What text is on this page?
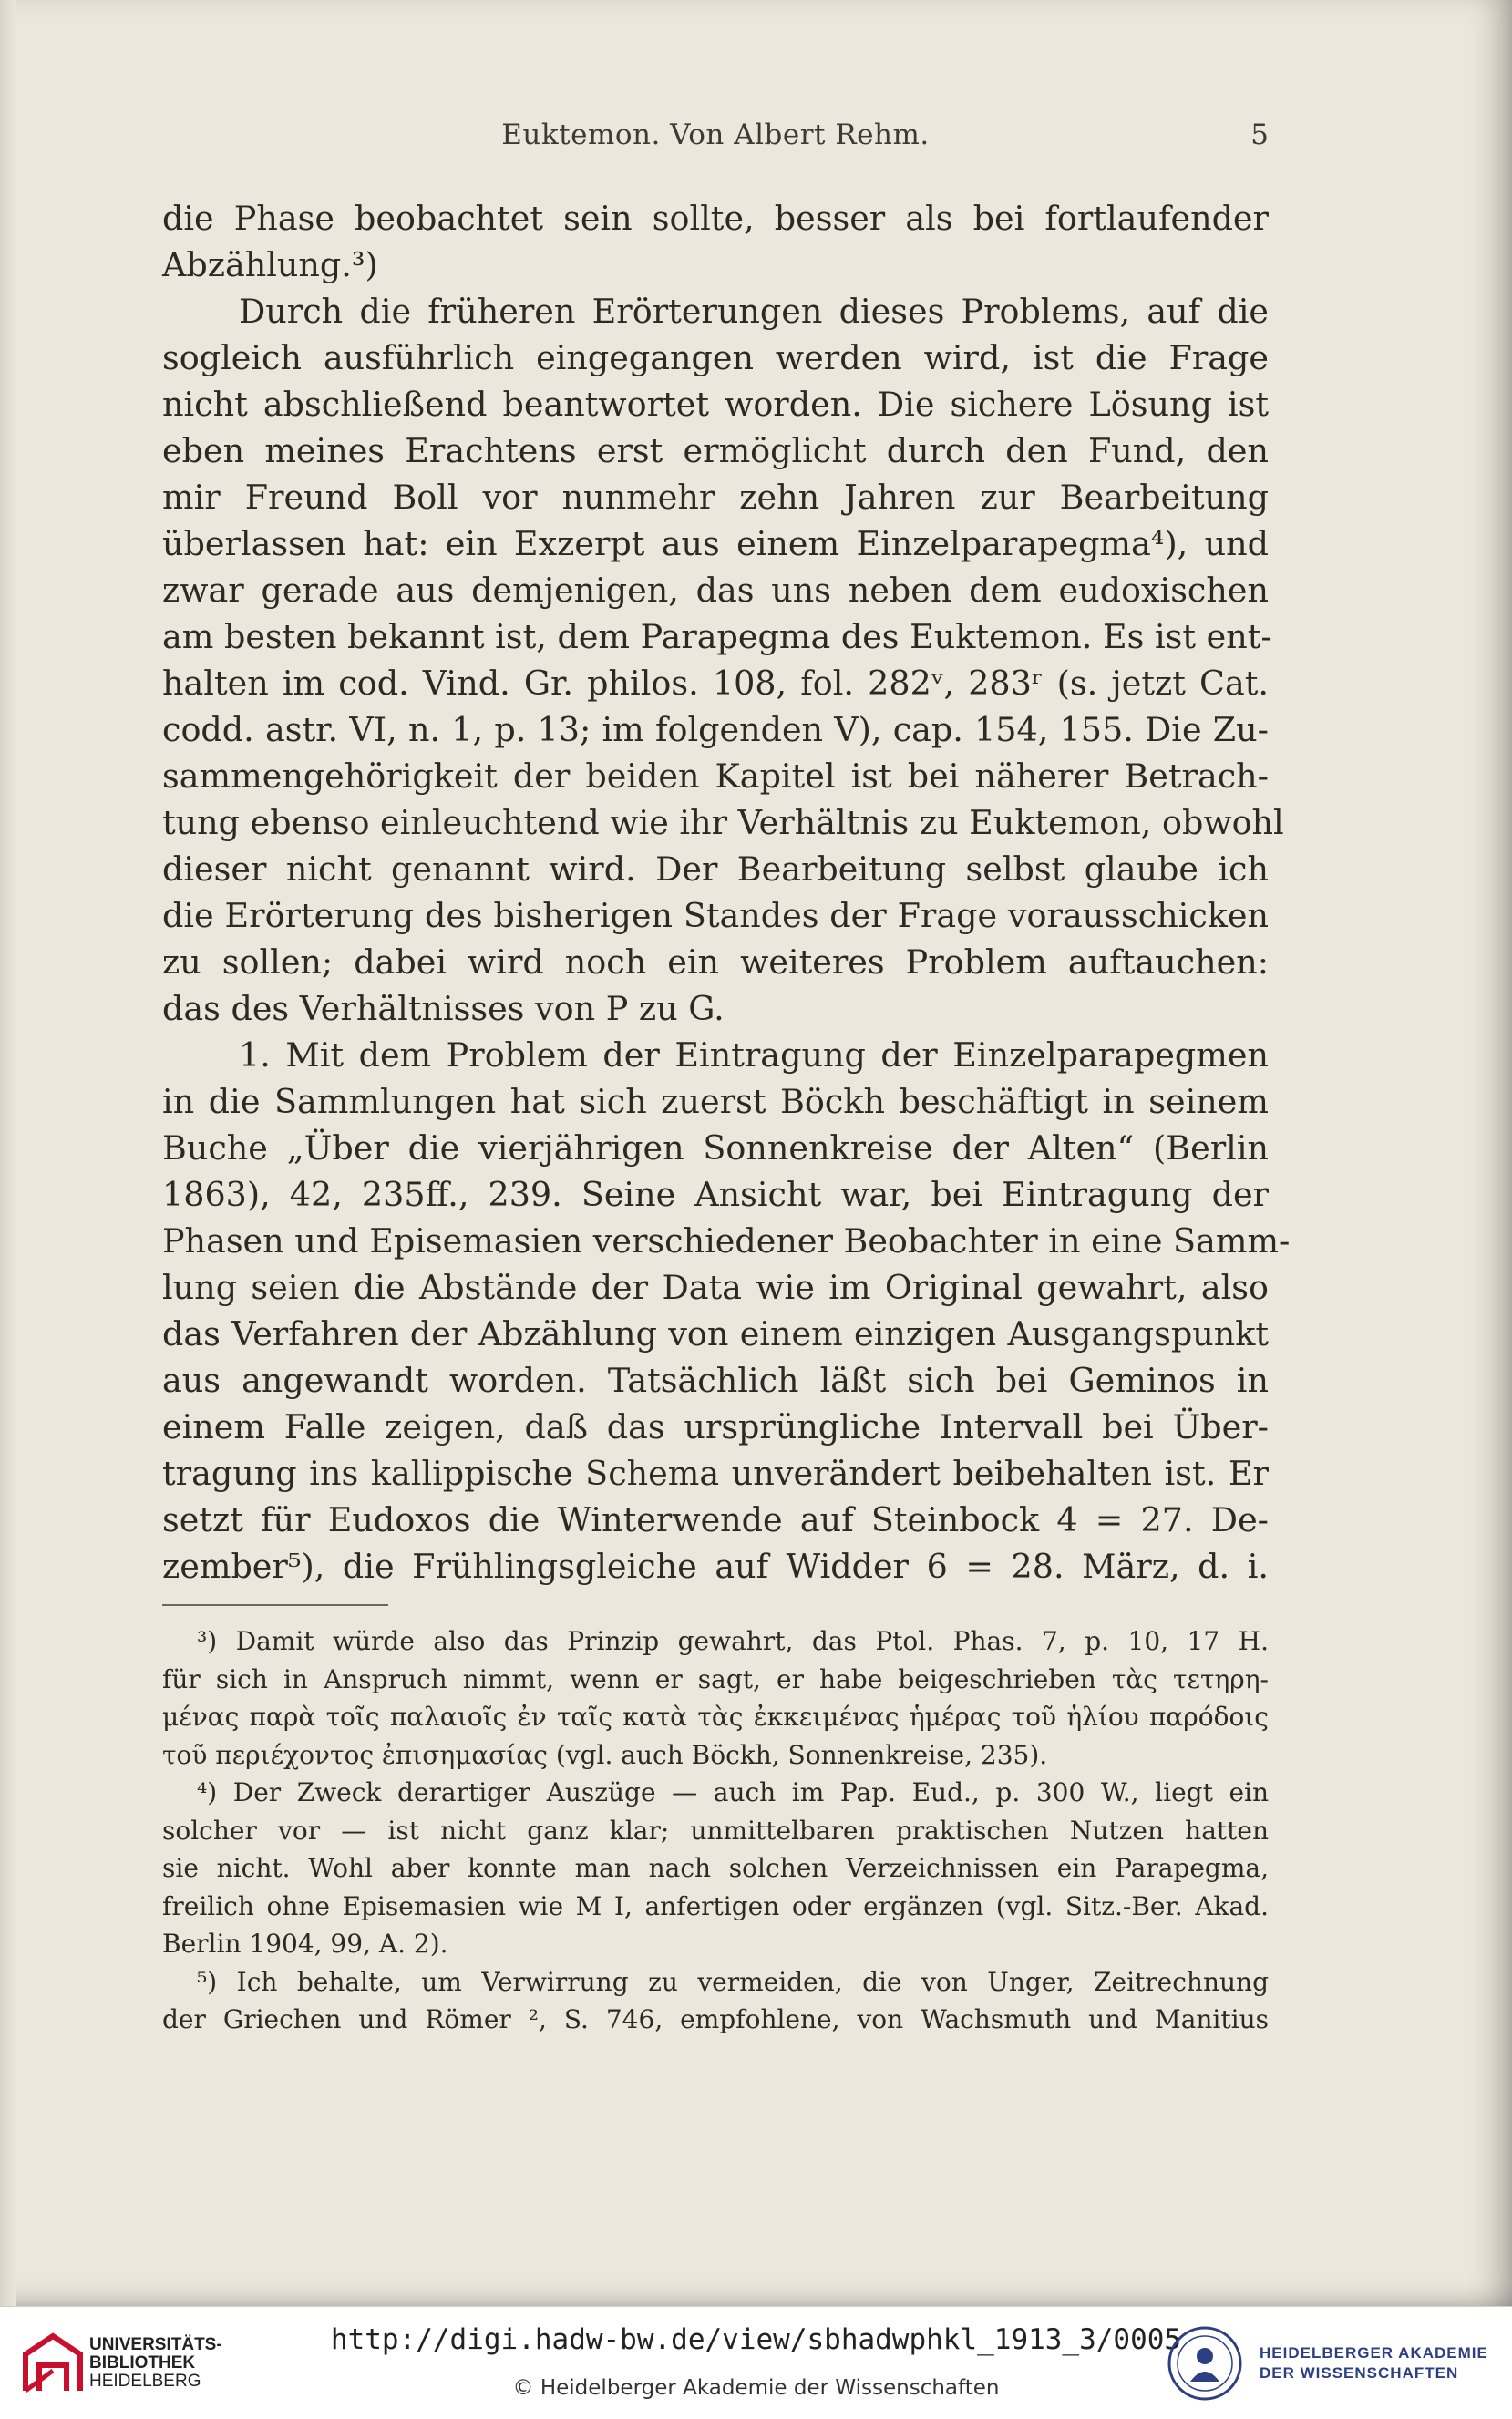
Euktemon. Von Albert Rehm.	5
die Phase beobachtet sein sollte, besser als bei fortlaufender
Abzählung.³)
Durch die früheren Erörterungen dieses Problems, auf die
sogleich ausführlich eingegangen werden wird, ist die Frage
nicht abschließend beantwortet worden. Die sichere Lösung ist
eben meines Erachtens erst ermöglicht durch den Fund, den
mir Freund Boll vor nunmehr zehn Jahren zur Bearbeitung
überlassen hat: ein Exzerpt aus einem Einzelparapegma⁴), und
zwar gerade aus demjenigen, das uns neben dem eudoxischen
am besten bekannt ist, dem Parapegma des Euktemon. Es ist ent-
halten im cod. Vind. Gr. philos. 108, fol. 282ᵛ, 283ʳ (s. jetzt Cat.
codd. astr. VI, n. 1, p. 13; im folgenden V), cap. 154, 155. Die Zu-
sammengehörigkeit der beiden Kapitel ist bei näherer Betrach-
tung ebenso einleuchtend wie ihr Verhältnis zu Euktemon, obwohl
dieser nicht genannt wird. Der Bearbeitung selbst glaube ich
die Erörterung des bisherigen Standes der Frage vorausschicken
zu sollen; dabei wird noch ein weiteres Problem auftauchen:
das des Verhältnisses von P zu G.
1. Mit dem Problem der Eintragung der Einzelparapegmen
in die Sammlungen hat sich zuerst Böckh beschäftigt in seinem
Buche „Über die vierjährigen Sonnenkreise der Alten“ (Berlin
1863), 42, 235ff., 239. Seine Ansicht war, bei Eintragung der
Phasen und Episemasien verschiedener Beobachter in eine Samm-
lung seien die Abstände der Data wie im Original gewahrt, also
das Verfahren der Abzählung von einem einzigen Ausgangspunkt
aus angewandt worden. Tatsächlich läßt sich bei Geminos in
einem Falle zeigen, daß das ursprüngliche Intervall bei Über-
tragung ins kallippische Schema unverändert beibehalten ist. Er
setzt für Eudoxos die Winterwende auf Steinbock 4 = 27. De-
zember⁵), die Frühlingsgleiche auf Widder 6 = 28. März, d. i.
³) Damit würde also das Prinzip gewahrt, das Ptol. Phas. 7, p. 10, 17 H.
für sich in Anspruch nimmt, wenn er sagt, er habe beigeschrieben τὰς τετηρη-
μένας παρὰ τοῖς παλαιοῖς ἐν ταῖς κατὰ τὰς ἐκκειμένας ἡμέρας τοῦ ἡλίου παρόδοις
τοῦ περιέχοντος ἐπισημασίας (vgl. auch Böckh, Sonnenkreise, 235).
⁴) Der Zweck derartiger Auszüge — auch im Pap. Eud., p. 300 W., liegt ein
solcher vor — ist nicht ganz klar; unmittelbaren praktischen Nutzen hatten
sie nicht. Wohl aber konnte man nach solchen Verzeichnissen ein Parapegma,
freilich ohne Episemasien wie M I, anfertigen oder ergänzen (vgl. Sitz.-Ber. Akad.
Berlin 1904, 99, A. 2).
⁵) Ich behalte, um Verwirrung zu vermeiden, die von Unger, Zeitrechnung
der Griechen und Römer ², S. 746, empfohlene, von Wachsmuth und Manitius
UNIVERSITÄTS-
BIBLIOTHEK
HEIDELBERG
http://digi.hadw-bw.de/view/sbhadwphkl_1913_3/0005
© Heidelberger Akademie der Wissenschaften
HEIDELBERGER AKADEMIE
DER WISSENSCHAFTEN
